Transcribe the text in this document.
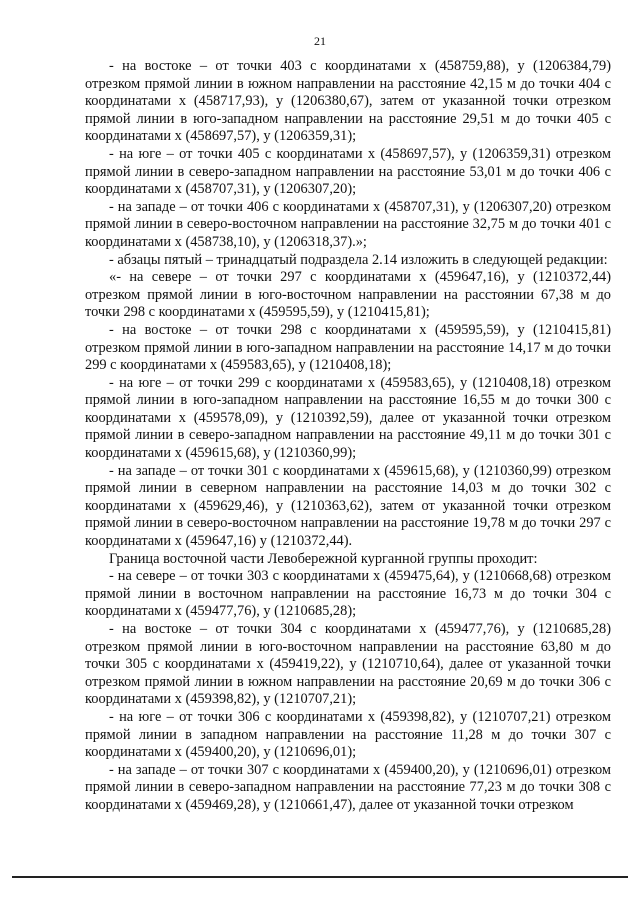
21

- на востоке – от точки 403 с координатами х (458759,88), у (1206384,79) отрезком прямой линии в южном направлении на расстояние 42,15 м до точки 404 с координатами х (458717,93), у (1206380,67), затем от указанной точки отрезком прямой линии в юго-западном направлении на расстояние 29,51 м до точки 405 с координатами х (458697,57), у (1206359,31);

- на юге – от точки 405 с координатами х (458697,57), у (1206359,31) отрезком прямой линии в северо-западном направлении на расстояние 53,01 м до точки 406 с координатами х (458707,31), у (1206307,20);

- на западе – от точки 406 с координатами х (458707,31), у (1206307,20) отрезком прямой линии в северо-восточном направлении на расстояние 32,75 м до точки 401 с координатами х (458738,10), у (1206318,37).»;

- абзацы пятый – тринадцатый подраздела 2.14 изложить в следующей редакции:

«- на севере – от точки 297 с координатами х (459647,16), у (1210372,44) отрезком прямой линии в юго-восточном направлении на расстоянии 67,38 м до точки 298 с координатами х (459595,59), у (1210415,81);

- на востоке – от точки 298 с координатами х (459595,59), у (1210415,81) отрезком прямой линии в юго-западном направлении на расстояние 14,17 м до точки 299 с координатами х (459583,65), у (1210408,18);

- на юге – от точки 299 с координатами х (459583,65), у (1210408,18) отрезком прямой линии в юго-западном направлении на расстояние 16,55 м до точки 300 с координатами х (459578,09), у (1210392,59), далее от указанной точки отрезком прямой линии в северо-западном направлении на расстояние 49,11 м до точки 301 с координатами х (459615,68), у (1210360,99);

- на западе – от точки 301 с координатами х (459615,68), у (1210360,99) отрезком прямой линии в северном направлении на расстояние 14,03 м до точки 302 с координатами х (459629,46), у (1210363,62), затем от указанной точки отрезком прямой линии в северо-восточном направлении на расстояние 19,78 м до точки 297 с координатами х (459647,16) у (1210372,44).

Граница восточной части Левобережной курганной группы проходит:

- на севере – от точки 303 с координатами х (459475,64), у (1210668,68) отрезком прямой линии в восточном направлении на расстояние 16,73 м до точки 304 с координатами х (459477,76), у (1210685,28);

- на востоке – от точки 304 с координатами х (459477,76), у (1210685,28) отрезком прямой линии в юго-восточном направлении на расстояние 63,80 м до точки 305 с координатами х (459419,22), у (1210710,64), далее от указанной точки отрезком прямой линии в южном направлении на расстояние 20,69 м до точки 306 с координатами х (459398,82), у (1210707,21);

- на юге – от точки 306 с координатами х (459398,82), у (1210707,21) отрезком прямой линии в западном направлении на расстояние 11,28 м до точки 307 с координатами х (459400,20), у (1210696,01);

- на западе – от точки 307 с координатами х (459400,20), у (1210696,01) отрезком прямой линии в северо-западном направлении на расстояние 77,23 м до точки 308 с координатами х (459469,28), у (1210661,47), далее от указанной точки отрезком
